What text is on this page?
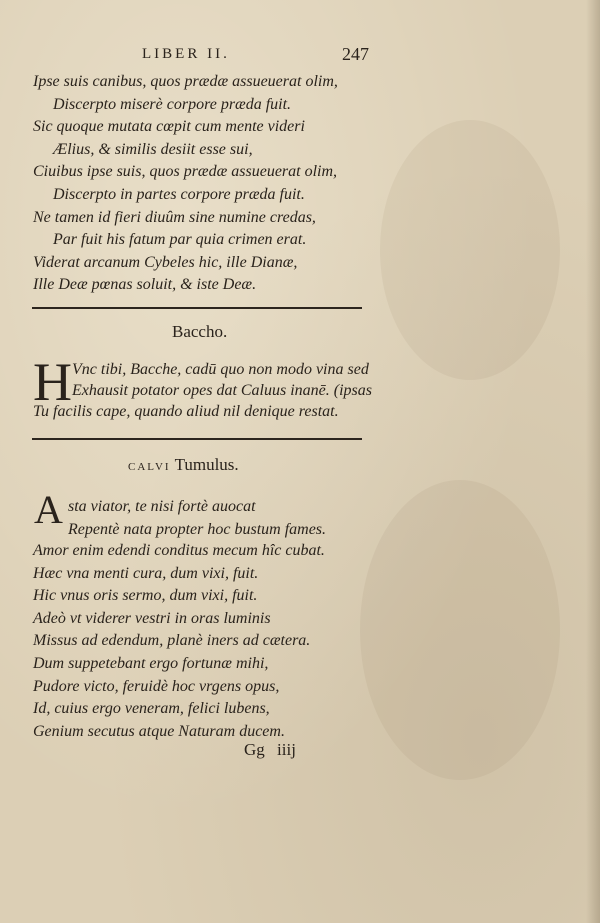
LIBER II.	247
Ipse suis canibus, quos prædæ assueuerat olim,
Discerpto miserè corpore præda fuit.
Sic quoque mutata cœpit cum mente videri
Ælius, & similis desiit esse sui,
Ciuibus ipse suis, quos prædæ assueuerat olim,
Discerpto in partes corpore præda fuit.
Ne tamen id fieri diuûm sine numine credas,
Par fuit his fatum par quia crimen erat.
Viderat arcanum Cybeles hic, ille Dianæ,
Ille Deæ pœnas soluit, & iste Deæ.
Baccho.
H Vnc tibi, Bacche, cadū quo non modo vina sed
Exhausit potator opes dat Caluus inanē. (ipsas
Tu facilis cape, quando aliud nil denique restat.
calvi Tumulus.
A sta viator, te nisi fortè auocat
Repentè nata propter hoc bustum fames.
Amor enim edendi conditus mecum hîc cubat.
Hæc vna menti cura, dum vixi, fuit.
Hic vnus oris sermo, dum vixi, fuit.
Adeò vt viderer vestri in oras luminis
Missus ad edendum, planè iners ad cætera.
Dum suppetebant ergo fortunæ mihi,
Pudore victo, feruidè hoc vrgens opus,
Id, cuius ergo veneram, felici lubens,
Genium secutus atque Naturam ducem.
Gg iiij
